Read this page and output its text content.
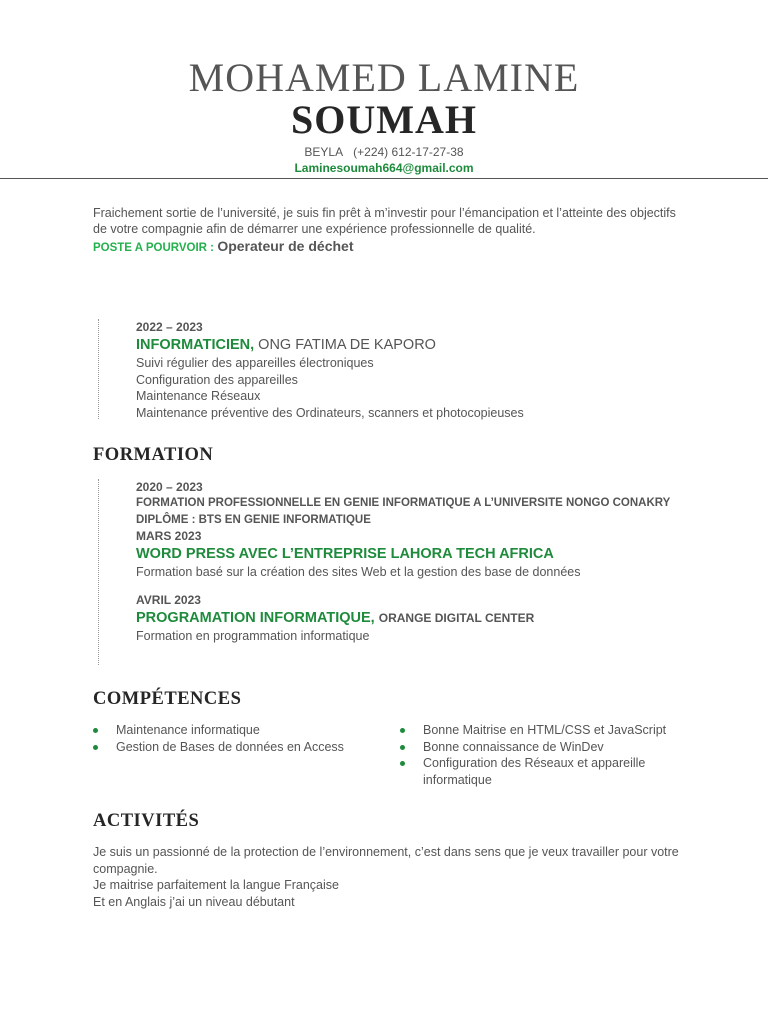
MOHAMED LAMINE
SOUMAH
BEYLA (+224) 612-17-27-38
Laminesoumah664@gmail.com
Fraichement sortie de l’université, je suis fin prêt à m’investir pour l’émancipation et l’atteinte des objectifs de votre compagnie afin de démarrer une expérience professionnelle de qualité.
POSTE A POURVOIR : Operateur de déchet
2022 – 2023
INFORMATICIEN, ONG FATIMA DE KAPORO
Suivi régulier des appareilles électroniques
Configuration des appareilles
Maintenance Réseaux
Maintenance préventive des Ordinateurs, scanners et photocopieuses
FORMATION
2020 – 2023
FORMATION PROFESSIONNELLE EN GENIE INFORMATIQUE A L’UNIVERSITE NONGO CONAKRY
DIPLÔME : BTS EN GENIE INFORMATIQUE
MARS 2023
WORD PRESS AVEC L’ENTREPRISE LAHORA TECH AFRICA
Formation basé sur la création des sites Web et la gestion des base de données
AVRIL 2023
PROGRAMATION INFORMATIQUE, ORANGE DIGITAL CENTER
Formation en programmation informatique
COMPÉTENCES
Maintenance informatique
Gestion de Bases de données en Access
Bonne Maitrise en HTML/CSS et JavaScript
Bonne connaissance de WinDev
Configuration des Réseaux et appareille informatique
ACTIVITÉS
Je suis un passionné de la protection de l’environnement, c’est dans sens que je veux travailler pour votre compagnie.
Je maitrise parfaitement la langue Française
Et en Anglais j’ai un niveau débutant
